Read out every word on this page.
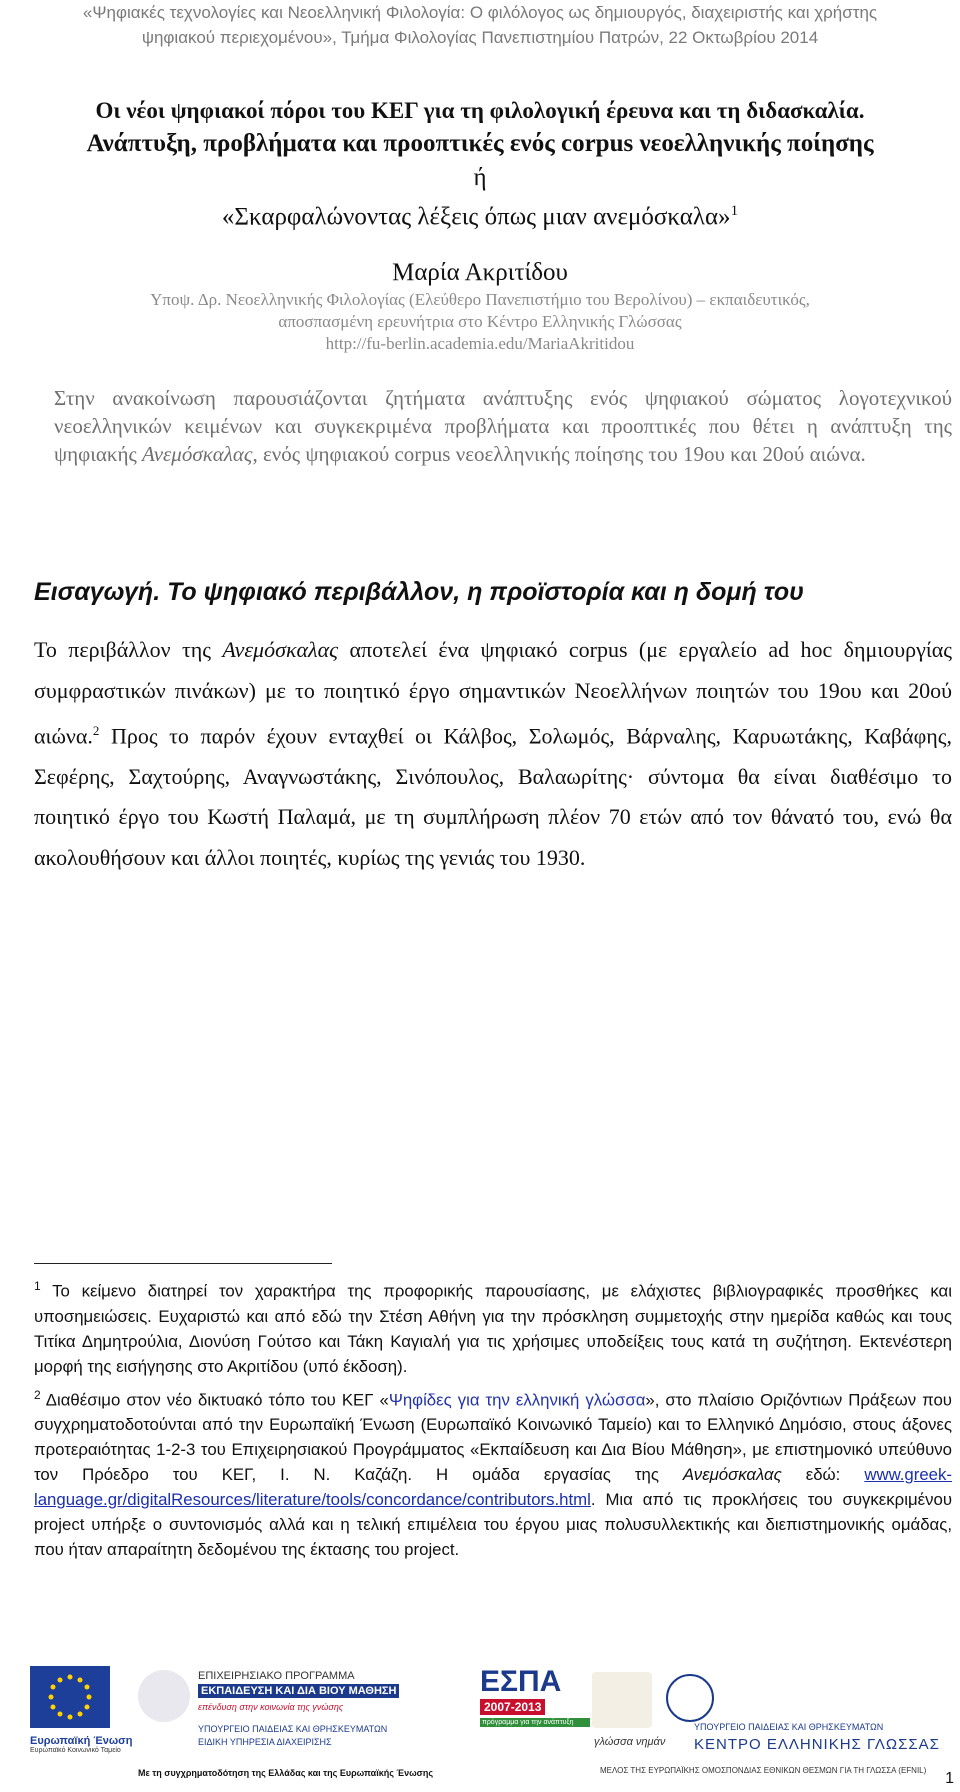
«Ψηφιακές τεχνολογίες και Νεοελληνική Φιλολογία: Ο φιλόλογος ως δημιουργός, διαχειριστής και χρήστης
ψηφιακού περιεχομένου», Τμήμα Φιλολογίας Πανεπιστημίου Πατρών, 22 Οκτωβρίου 2014
Οι νέοι ψηφιακοί πόροι του ΚΕΓ για τη φιλολογική έρευνα και τη διδασκαλία.
Ανάπτυξη, προβλήματα και προοπτικές ενός corpus νεοελληνικής ποίησης
ή
«Σκαρφαλώνοντας λέξεις όπως μιαν ανεμόσκαλα»$^1$
Μαρία Ακριτίδου
Υποψ. Δρ. Νεοελληνικής Φιλολογίας (Ελεύθερο Πανεπιστήμιο του Βερολίνου) – εκπαιδευτικός,
αποσπασμένη ερευνήτρια στο Κέντρο Ελληνικής Γλώσσας
http://fu-berlin.academia.edu/MariaAkritidou
Στην ανακοίνωση παρουσιάζονται ζητήματα ανάπτυξης ενός ψηφιακού σώματος λογοτεχνικού νεοελληνικών κειμένων και συγκεκριμένα προβλήματα και προοπτικές που θέτει η ανάπτυξη της ψηφιακής Ανεμόσκαλας, ενός ψηφιακού corpus νεοελληνικής ποίησης του 19ου και 20ού αιώνα.
Εισαγωγή. Το ψηφιακό περιβάλλον, η προϊστορία και η δομή του
Το περιβάλλον της Ανεμόσκαλας αποτελεί ένα ψηφιακό corpus (με εργαλείο ad hoc δημιουργίας συμφραστικών πινάκων) με το ποιητικό έργο σημαντικών Νεοελλήνων ποιητών του 19ου και 20ού αιώνα.$^2$ Προς το παρόν έχουν ενταχθεί οι Κάλβος, Σολωμός, Βάρναλης, Καρυωτάκης, Καβάφης, Σεφέρης, Σαχτούρης, Αναγνωστάκης, Σινόπουλος, Βαλαωρίτης· σύντομα θα είναι διαθέσιμο το ποιητικό έργο του Κωστή Παλαμά, με τη συμπλήρωση πλέον 70 ετών από τον θάνατό του, ενώ θα ακολουθήσουν και άλλοι ποιητές, κυρίως της γενιάς του 1930.

$^1$ Το κείμενο διατηρεί τον χαρακτήρα της προφορικής παρουσίασης, με ελάχιστες βιβλιογραφικές προσθήκες και υποσημειώσεις. Ευχαριστώ και από εδώ την Στέση Αθήνη για την πρόσκληση συμμετοχής στην ημερίδα καθώς και τους Τιτίκα Δημητρούλια, Διονύση Γούτσο και Τάκη Καγιαλή για τις χρήσιμες υποδείξεις τους κατά τη συζήτηση. Εκτενέστερη μορφή της εισήγησης στο Ακριτίδου (υπό έκδοση).

$^2$ Διαθέσιμο στον νέο δικτυακό τόπο του ΚΕΓ «Ψηφίδες για την ελληνική γλώσσα», στο πλαίσιο Οριζόντιων Πράξεων που συγχρηματοδοτούνται από την Ευρωπαϊκή Ένωση (Ευρωπαϊκό Κοινωνικό Ταμείο) και το Ελληνικό Δημόσιο, στους άξονες προτεραιότητας 1-2-3 του Επιχειρησιακού Προγράμματος «Εκπαίδευση και Δια Βίου Μάθηση», με επιστημονικό υπεύθυνο τον Πρόεδρο του ΚΕΓ, Ι. Ν. Καζάζη. Η ομάδα εργασίας της Ανεμόσκαλας εδώ: www.greek-language.gr/digitalResources/literature/tools/concordance/contributors.html. Μια από τις προκλήσεις του συγκεκριμένου project υπήρξε ο συντονισμός αλλά και η τελική επιμέλεια του έργου μιας πολυσυλλεκτικής και διεπιστημονικής ομάδας, που ήταν απαραίτητη δεδομένου της έκτασης του project.

Ευρωπαϊκή Ένωση
Ευρωπαϊκό Κοινωνικό Ταμείο
ΕΠΙΧΕΙΡΗΣΙΑΚΟ ΠΡΟΓΡΑΜΜΑ
ΕΚΠΑΙΔΕΥΣΗ ΚΑΙ ΔΙΑ ΒΙΟΥ ΜΑΘΗΣΗ
επένδυση στην κοινωνία της γνώσης
ΥΠΟΥΡΓΕΙΟ ΠΑΙΔΕΙΑΣ ΚΑΙ ΘΡΗΣΚΕΥΜΑΤΩΝ
ΕΙΔΙΚΗ ΥΠΗΡΕΣΙΑ ΔΙΑΧΕΙΡΙΣΗΣ
Με τη συγχρηματοδότηση της Ελλάδας και της Ευρωπαϊκής Ένωσης
ΕΣΠΑ
2007-2013
πρόγραμμα για την ανάπτυξη
γλώσσα νημάν
ΥΠΟΥΡΓΕΙΟ ΠΑΙΔΕΙΑΣ ΚΑΙ ΘΡΗΣΚΕΥΜΑΤΩΝ
ΚΕΝΤΡΟ ΕΛΛΗΝΙΚΗΣ ΓΛΩΣΣΑΣ
ΜΕΛΟΣ ΤΗΣ ΕΥΡΩΠΑΪΚΗΣ ΟΜΟΣΠΟΝΔΙΑΣ ΕΘΝΙΚΩΝ ΘΕΣΜΩΝ ΓΙΑ ΤΗ ΓΛΩΣΣΑ (EFNIL) 1
